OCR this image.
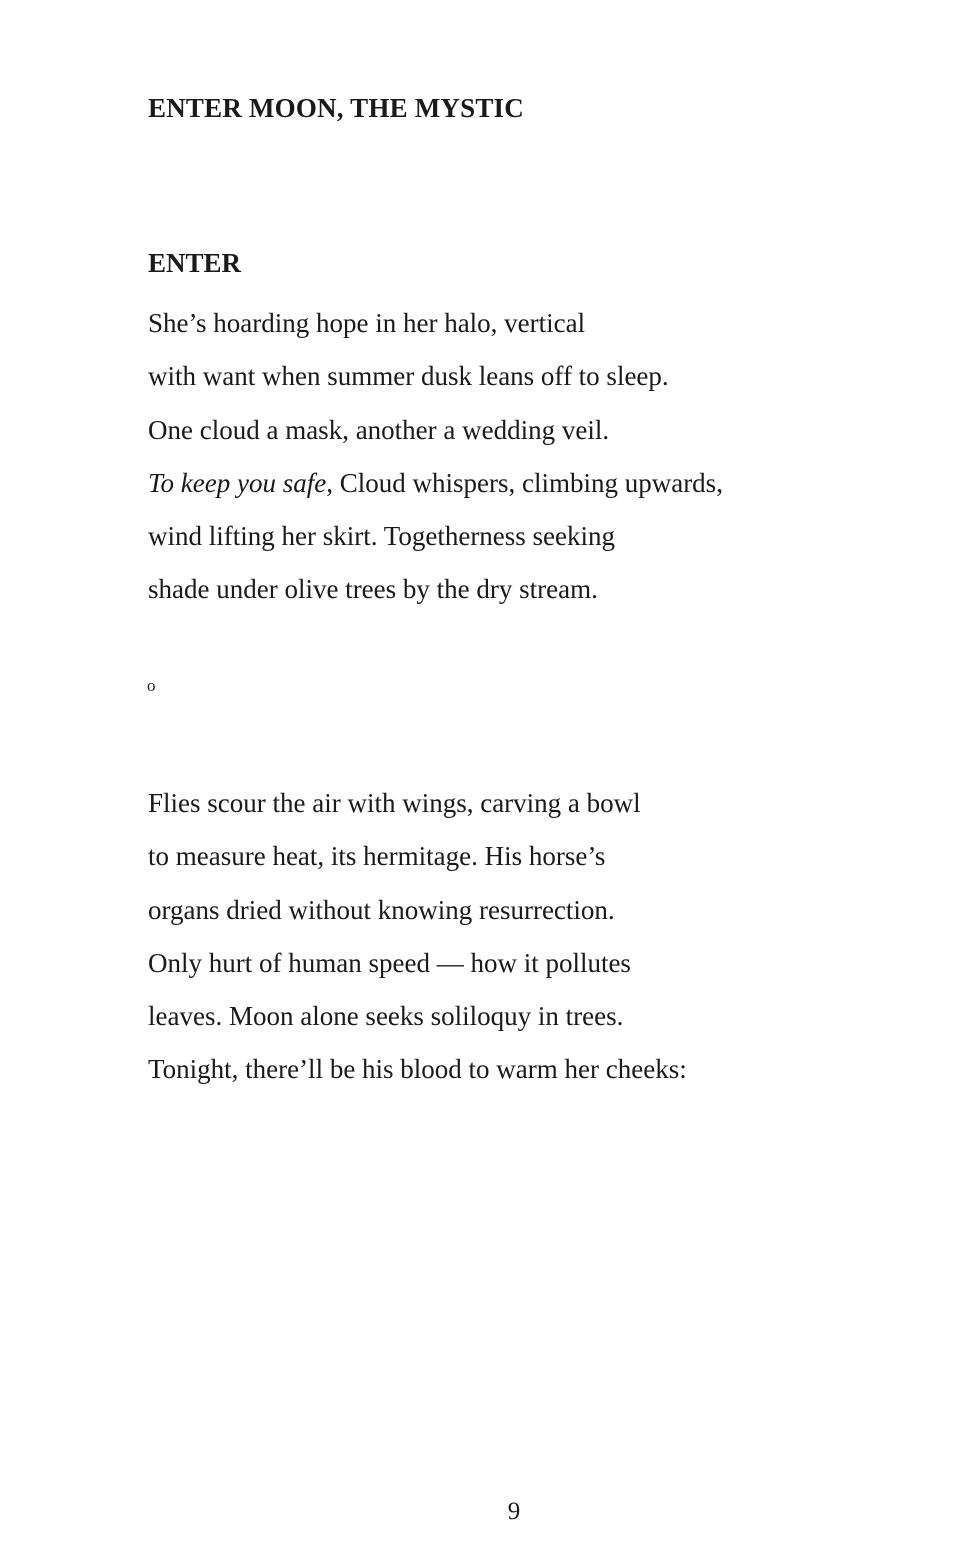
ENTER MOON, THE MYSTIC
ENTER
She’s hoarding hope in her halo, vertical
with want when summer dusk leans off to sleep.
One cloud a mask, another a wedding veil.
To keep you safe, Cloud whispers, climbing upwards,
wind lifting her skirt. Togetherness seeking
shade under olive trees by the dry stream.
o
Flies scour the air with wings, carving a bowl
to measure heat, its hermitage. His horse’s
organs dried without knowing resurrection.
Only hurt of human speed — how it pollutes
leaves. Moon alone seeks soliloquy in trees.
Tonight, there’ll be his blood to warm her cheeks:
9
